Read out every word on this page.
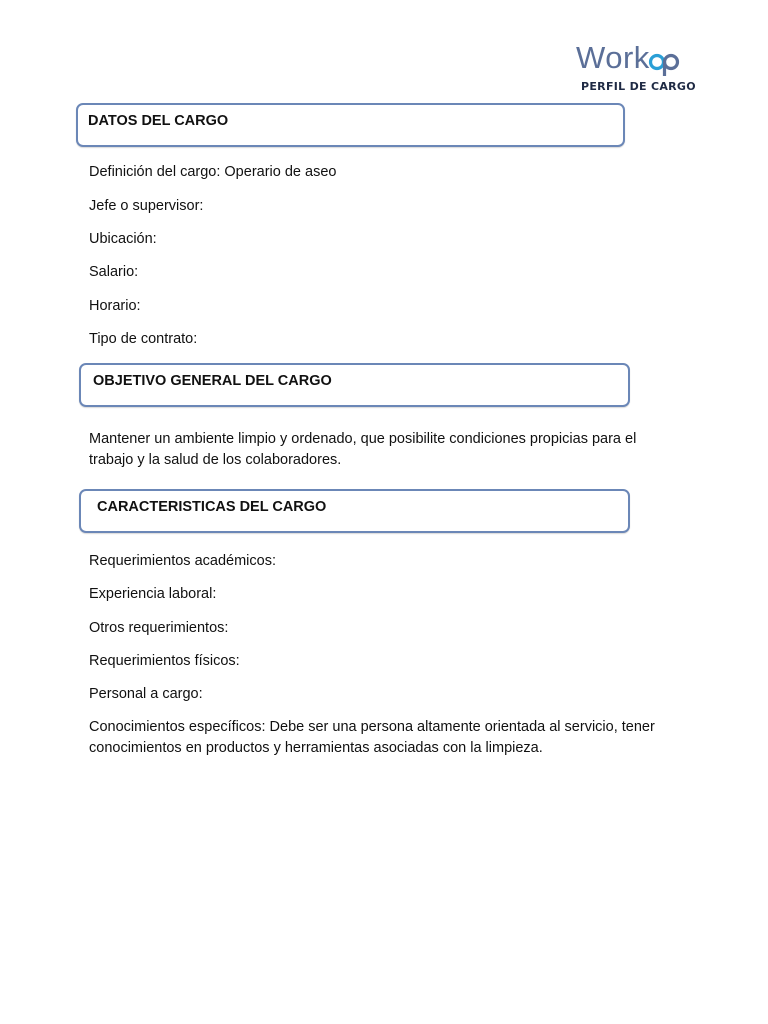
Work
PERFIL DE CARGO
DATOS DEL CARGO
Definición del cargo: Operario de aseo
Jefe o supervisor:
Ubicación:
Salario:
Horario:
Tipo de contrato:
OBJETIVO GENERAL DEL CARGO
Mantener un ambiente limpio y ordenado, que posibilite condiciones propicias para el
trabajo y la salud de los colaboradores.
CARACTERISTICAS DEL CARGO
Requerimientos académicos:
Experiencia laboral:
Otros requerimientos:
Requerimientos físicos:
Personal a cargo:
Conocimientos específicos: Debe ser una persona altamente orientada al servicio, tener
conocimientos en productos y herramientas asociadas con la limpieza.
